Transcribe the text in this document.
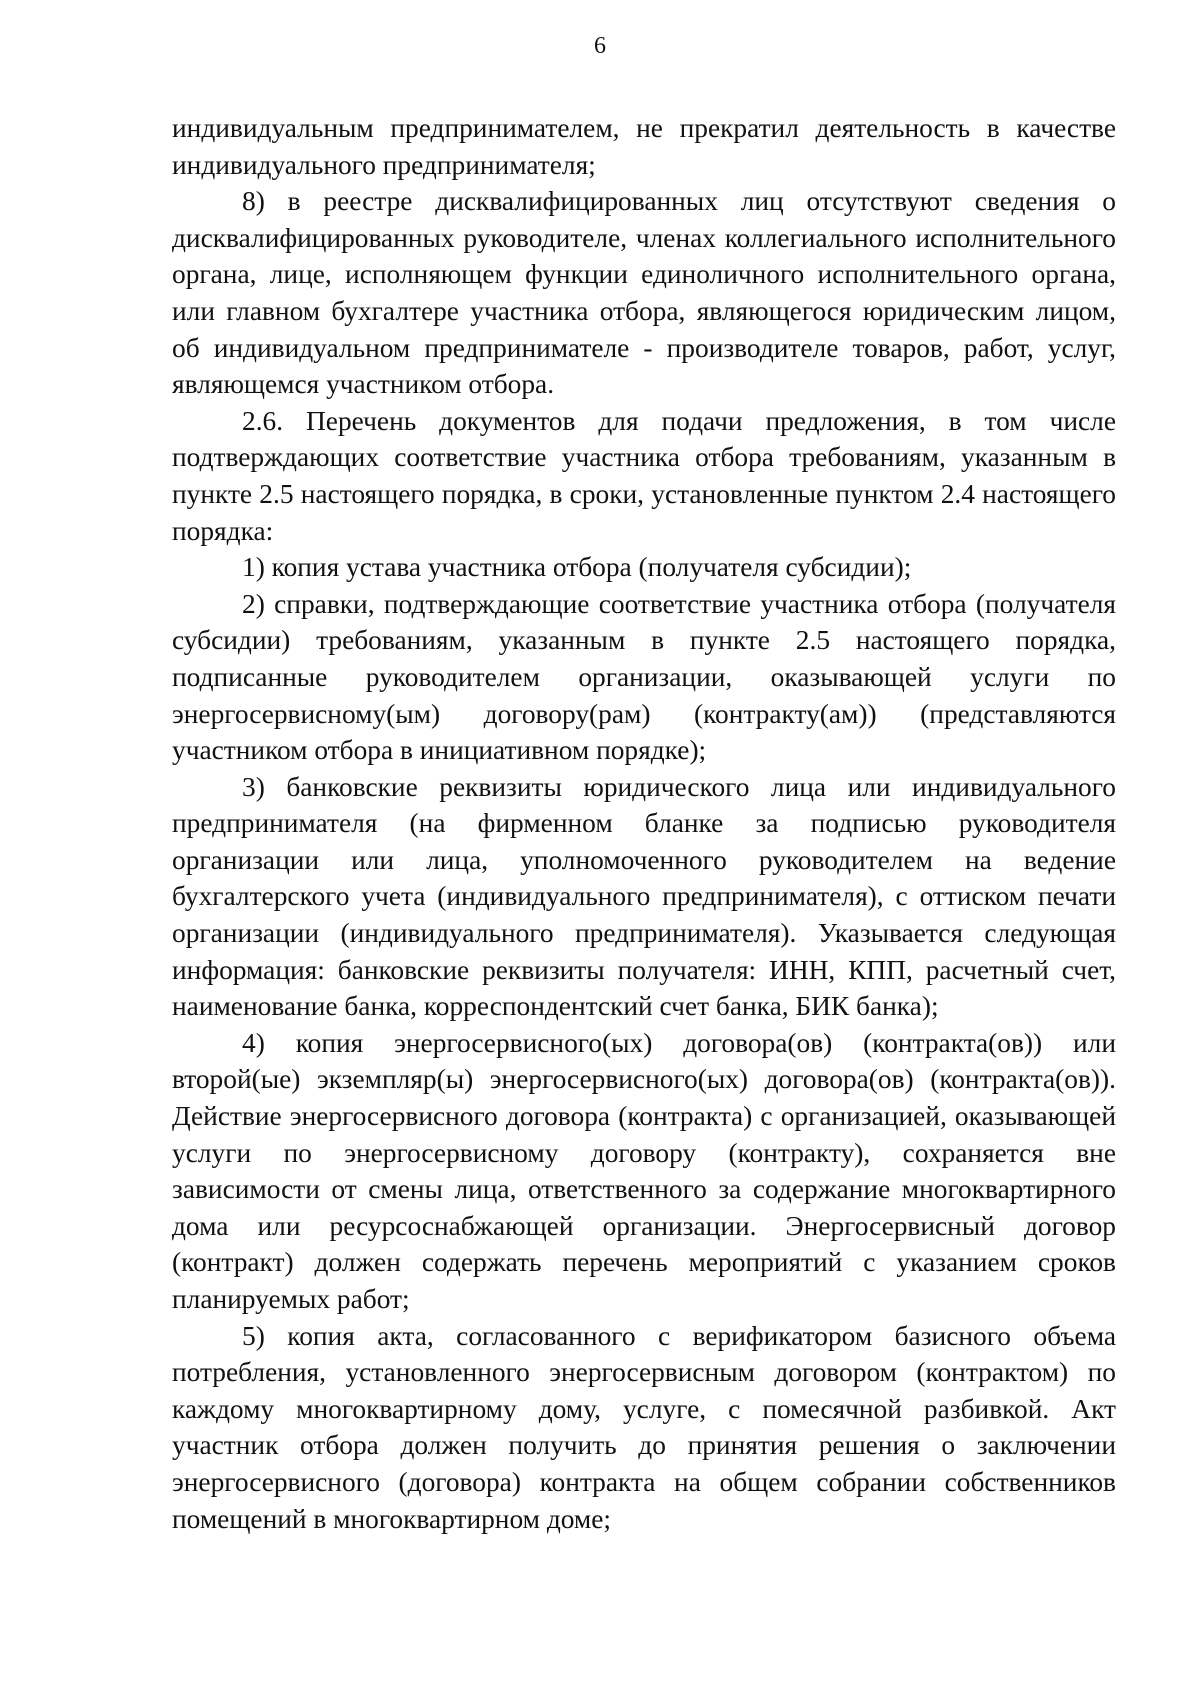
6

индивидуальным предпринимателем, не прекратил деятельность в качестве индивидуального предпринимателя;

8) в реестре дисквалифицированных лиц отсутствуют сведения о дисквалифицированных руководителе, членах коллегиального исполнительного органа, лице, исполняющем функции единоличного исполнительного органа, или главном бухгалтере участника отбора, являющегося юридическим лицом, об индивидуальном предпринимателе - производителе товаров, работ, услуг, являющемся участником отбора.

2.6. Перечень документов для подачи предложения, в том числе подтверждающих соответствие участника отбора требованиям, указанным в пункте 2.5 настоящего порядка, в сроки, установленные пунктом 2.4 настоящего порядка:

1) копия устава участника отбора (получателя субсидии);

2) справки, подтверждающие соответствие участника отбора (получателя субсидии) требованиям, указанным в пункте 2.5 настоящего порядка, подписанные руководителем организации, оказывающей услуги по энергосервисному(ым) договору(рам) (контракту(ам)) (представляются участником отбора в инициативном порядке);

3) банковские реквизиты юридического лица или индивидуального предпринимателя (на фирменном бланке за подписью руководителя организации или лица, уполномоченного руководителем на ведение бухгалтерского учета (индивидуального предпринимателя), с оттиском печати организации (индивидуального предпринимателя). Указывается следующая информация: банковские реквизиты получателя: ИНН, КПП, расчетный счет, наименование банка, корреспондентский счет банка, БИК банка);

4) копия энергосервисного(ых) договора(ов) (контракта(ов)) или второй(ые) экземпляр(ы) энергосервисного(ых) договора(ов) (контракта(ов)). Действие энергосервисного договора (контракта) с организацией, оказывающей услуги по энергосервисному договору (контракту), сохраняется вне зависимости от смены лица, ответственного за содержание многоквартирного дома или ресурсоснабжающей организации. Энергосервисный договор (контракт) должен содержать перечень мероприятий с указанием сроков планируемых работ;

5) копия акта, согласованного с верификатором базисного объема потребления, установленного энергосервисным договором (контрактом) по каждому многоквартирному дому, услуге, с помесячной разбивкой. Акт участник отбора должен получить до принятия решения о заключении энергосервисного (договора) контракта на общем собрании собственников помещений в многоквартирном доме;
